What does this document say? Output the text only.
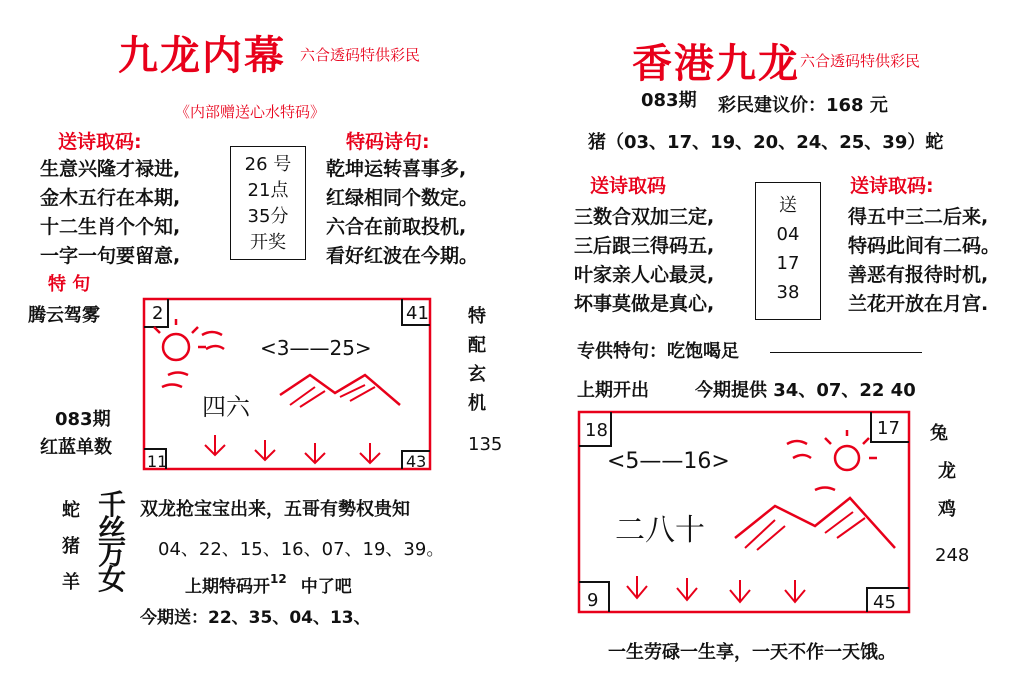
九龙内幕 六合透码特供彩民
《内部赠送心水特码》
送诗取码:
生意兴隆才禄进,
金木五行在本期,
十二生肖个个知,
一字一句要留意,
26 号
21点
35分
开奖
特码诗句:
乾坤运转喜事多,
红绿相同个数定。
六合在前取投机,
看好红波在今期。
特 句
腾云驾雾	2	41
11	43
<3——25>
四六
特
配
玄
机
135
083期
红蓝单数
蛇
猪
羊
千
丝
万
女
双龙抢宝宝出来，五哥有勢权贵知
04、22、15、16、07、19、39。
上期特码开$^{12}$ 中了吧
今期送：22、35、04、13、
香港九龙 六合透码特供彩民
083期 彩民建议价：168 元
猪（03、17、19、20、24、25、39）蛇
送诗取码
三数合双加三定,
三后跟三得码五,
叶家亲人心最灵,
坏事莫做是真心,
送
04
17
38
送诗取码:
得五中三二后来,
特码此间有二码。
善恶有报待时机,
兰花开放在月宫.
专供特句：吃饱喝足
上期开出	今期提供 34、07、22 40
18	17
9	45
<5——16>
二八十
兔
龙
鸡
248
一生劳碌一生享，一天不作一天饿。
